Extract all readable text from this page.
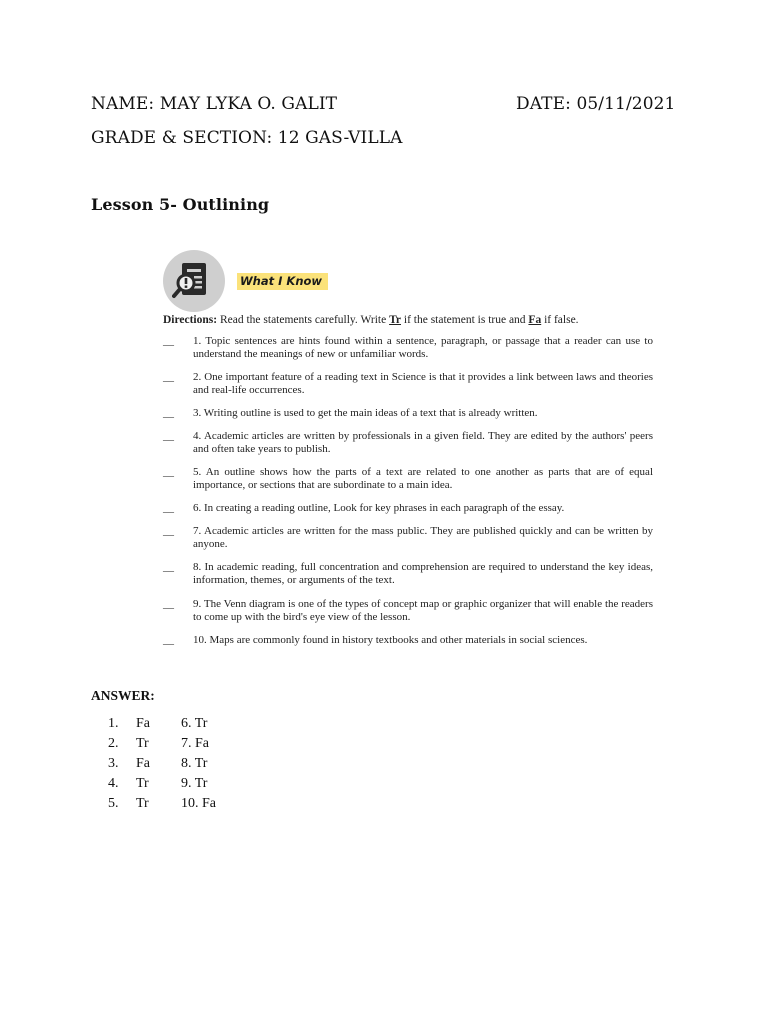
NAME: MAY LYKA O. GALIT	DATE: 05/11/2021
GRADE & SECTION: 12 GAS-VILLA
Lesson 5- Outlining
What I Know
Directions: Read the statements carefully. Write Tr if the statement is true and Fa if false.
__ 1. Topic sentences are hints found within a sentence, paragraph, or passage that a reader can use to understand the meanings of new or unfamiliar words.
__ 2. One important feature of a reading text in Science is that it provides a link between laws and theories and real-life occurrences.
__ 3. Writing outline is used to get the main ideas of a text that is already written.
__ 4. Academic articles are written by professionals in a given field. They are edited by the authors' peers and often take years to publish.
__ 5. An outline shows how the parts of a text are related to one another as parts that are of equal importance, or sections that are subordinate to a main idea.
__ 6. In creating a reading outline, Look for key phrases in each paragraph of the essay.
__ 7. Academic articles are written for the mass public. They are published quickly and can be written by anyone.
__ 8. In academic reading, full concentration and comprehension are required to understand the key ideas, information, themes, or arguments of the text.
__ 9. The Venn diagram is one of the types of concept map or graphic organizer that will enable the readers to come up with the bird's eye view of the lesson.
__ 10. Maps are commonly found in history textbooks and other materials in social sciences.
ANSWER:
1. Fa 6. Tr
2. Tr 7. Fa
3. Fa 8. Tr
4. Tr 9. Tr
5. Tr 10. Fa
